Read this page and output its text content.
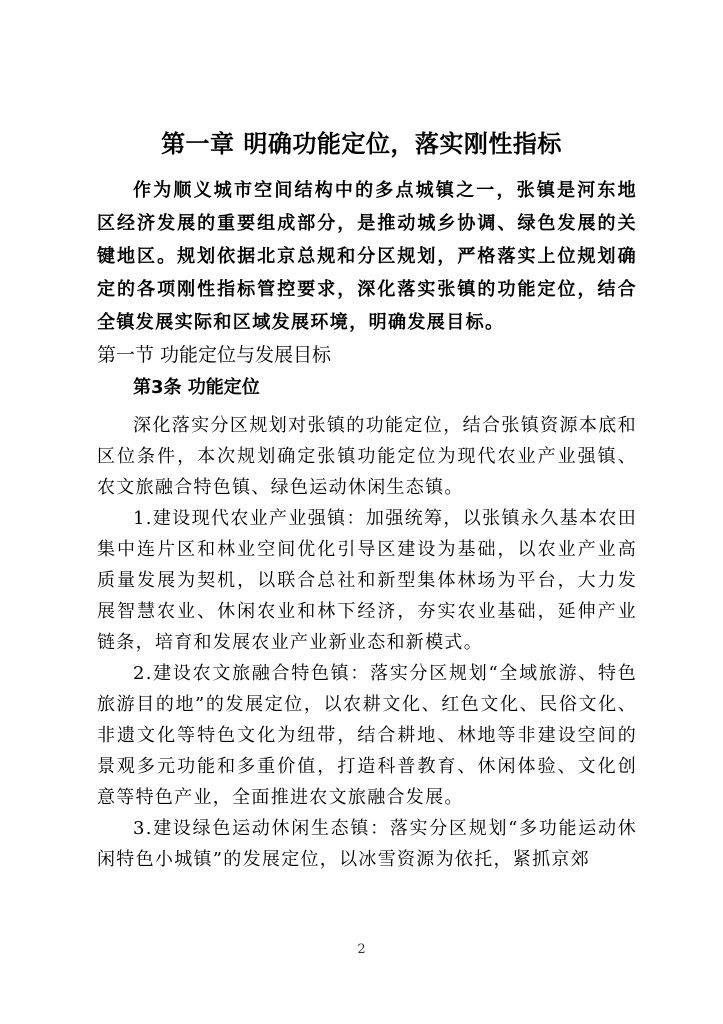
第一章 明确功能定位，落实刚性指标
作为顺义城市空间结构中的多点城镇之一，张镇是河东地区经济发展的重要组成部分，是推动城乡协调、绿色发展的关键地区。规划依据北京总规和分区规划，严格落实上位规划确定的各项刚性指标管控要求，深化落实张镇的功能定位，结合全镇发展实际和区域发展环境，明确发展目标。
第一节 功能定位与发展目标
第3条 功能定位

深化落实分区规划对张镇的功能定位，结合张镇资源本底和区位条件，本次规划确定张镇功能定位为现代农业产业强镇、农文旅融合特色镇、绿色运动休闲生态镇。

1.建设现代农业产业强镇：加强统筹，以张镇永久基本农田集中连片区和林业空间优化引导区建设为基础，以农业产业高质量发展为契机，以联合总社和新型集体林场为平台，大力发展智慧农业、休闲农业和林下经济，夯实农业基础，延伸产业链条，培育和发展农业产业新业态和新模式。

2.建设农文旅融合特色镇：落实分区规划“全域旅游、特色旅游目的地”的发展定位，以农耕文化、红色文化、民俗文化、非遗文化等特色文化为纽带，结合耕地、林地等非建设空间的景观多元功能和多重价值，打造科普教育、休闲体验、文化创意等特色产业，全面推进农文旅融合发展。

3.建设绿色运动休闲生态镇：落实分区规划“多功能运动休闲特色小城镇”的发展定位，以冰雪资源为依托，紧抓京郊

2
